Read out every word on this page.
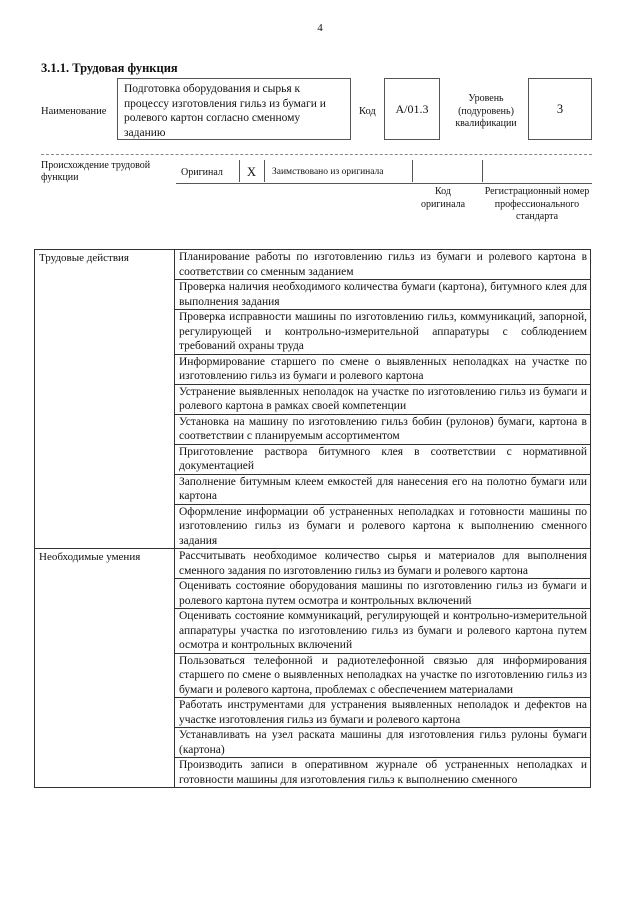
4
3.1.1. Трудовая функция
Наименование
Подготовка оборудования и сырья к процессу изготовления гильз из бумаги и ролевого картон согласно сменному заданию
Код А/01.3
Уровень (подуровень) квалификации
3
Происхождение трудовой функции	Оригинал X Заимствовано из оригинала
Код оригинала
Регистрационный номер профессионального стандарта
Трудовые действия	Планирование работы по изготовлению гильз из бумаги и ролевого картона в соответствии со сменным заданием
	Проверка наличия необходимого количества бумаги (картона), битумного клея для выполнения задания
	Проверка исправности машины по изготовлению гильз, коммуникаций, запорной, регулирующей и контрольно-измерительной аппаратуры с соблюдением требований охраны труда
	Информирование старшего по смене о выявленных неполадках на участке по изготовлению гильз из бумаги и ролевого картона
	Устранение выявленных неполадок на участке по изготовлению гильз из бумаги и ролевого картона в рамках своей компетенции
	Установка на машину по изготовлению гильз бобин (рулонов) бумаги, картона в соответствии с планируемым ассортиментом
	Приготовление раствора битумного клея в соответствии с нормативной документацией
	Заполнение битумным клеем емкостей для нанесения его на полотно бумаги или картона
	Оформление информации об устраненных неполадках и готовности машины по изготовлению гильз из бумаги и ролевого картона к выполнению сменного задания
Необходимые умения	Рассчитывать необходимое количество сырья и материалов для выполнения сменного задания по изготовлению гильз из бумаги и ролевого картона
	Оценивать состояние оборудования машины по изготовлению гильз из бумаги и ролевого картона путем осмотра и контрольных включений
	Оценивать состояние коммуникаций, регулирующей и контрольно-измерительной аппаратуры участка по изготовлению гильз из бумаги и ролевого картона путем осмотра и контрольных включений
	Пользоваться телефонной и радиотелефонной связью для информирования старшего по смене о выявленных неполадках на участке по изготовлению гильз из бумаги и ролевого картона, проблемах с обеспечением материалами
	Работать инструментами для устранения выявленных неполадок и дефектов на участке изготовления гильз из бумаги и ролевого картона
	Устанавливать на узел раската машины для изготовления гильз рулоны бумаги (картона)
	Производить записи в оперативном журнале об устраненных неполадках и готовности машины для изготовления гильз к выполнению сменного
